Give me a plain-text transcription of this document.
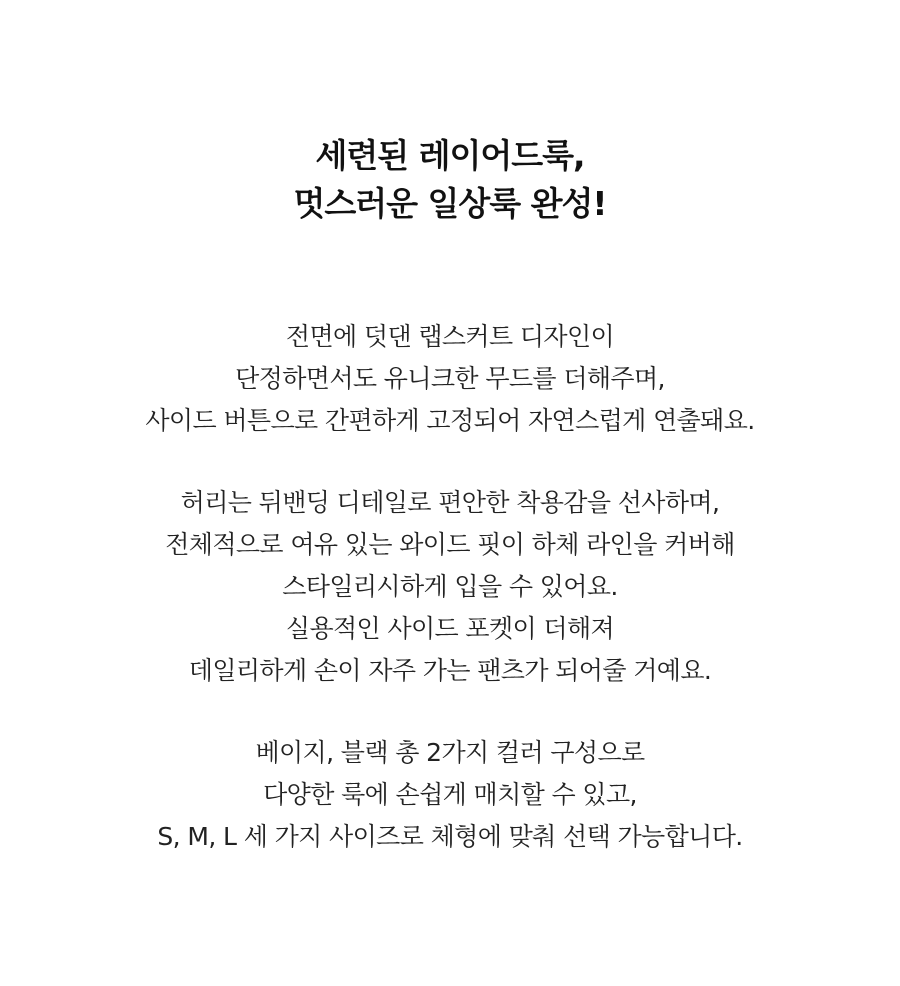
세련된 레이어드룩,
멋스러운 일상룩 완성!
전면에 덧댄 랩스커트 디자인이
단정하면서도 유니크한 무드를 더해주며,
사이드 버튼으로 간편하게 고정되어 자연스럽게 연출돼요.
허리는 뒤밴딩 디테일로 편안한 착용감을 선사하며,
전체적으로 여유 있는 와이드 핏이 하체 라인을 커버해
스타일리시하게 입을 수 있어요.
실용적인 사이드 포켓이 더해져
데일리하게 손이 자주 가는 팬츠가 되어줄 거예요.
베이지, 블랙 총 2가지 컬러 구성으로
다양한 룩에 손쉽게 매치할 수 있고,
S, M, L 세 가지 사이즈로 체형에 맞춰 선택 가능합니다.
